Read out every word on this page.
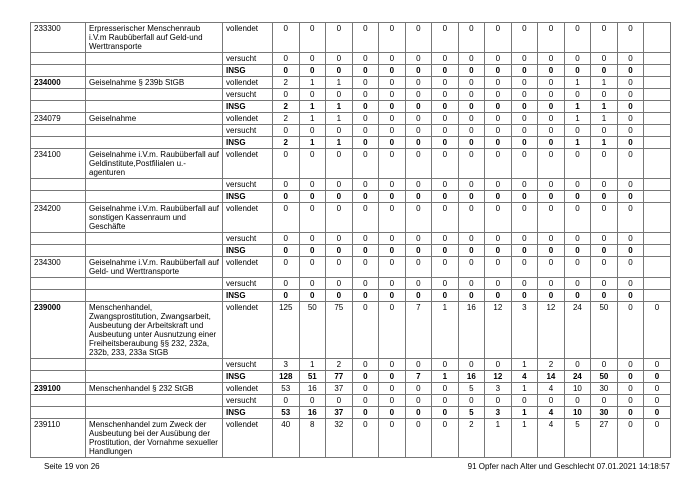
233300	Erpresserischer Menschenraub i.V.m Raubüberfall auf Geld-und Werttransporte	vollendet	0	0	0	0	0	0	0	0	0	0	0	0	0	0	
		versucht	0	0	0	0	0	0	0	0	0	0	0	0	0	0	
		INSG	0	0	0	0	0	0	0	0	0	0	0	0	0	0	
234000	Geiselnahme § 239b StGB	vollendet	2	1	1	0	0	0	0	0	0	0	0	1	1	0	
		versucht	0	0	0	0	0	0	0	0	0	0	0	0	0	0	
		INSG	2	1	1	0	0	0	0	0	0	0	0	1	1	0	
234079	Geiselnahme	vollendet	2	1	1	0	0	0	0	0	0	0	0	1	1	0	
		versucht	0	0	0	0	0	0	0	0	0	0	0	0	0	0	
		INSG	2	1	1	0	0	0	0	0	0	0	0	1	1	0	
234100	Geiselnahme i.V.m. Raubüberfall auf Geldinstitute,Postfilialen u.-agenturen	vollendet	0	0	0	0	0	0	0	0	0	0	0	0	0	0	
		versucht	0	0	0	0	0	0	0	0	0	0	0	0	0	0	
		INSG	0	0	0	0	0	0	0	0	0	0	0	0	0	0	
234200	Geiselnahme i.V.m. Raubüberfall auf sonstigen Kassenraum und Geschäfte	vollendet	0	0	0	0	0	0	0	0	0	0	0	0	0	0	
		versucht	0	0	0	0	0	0	0	0	0	0	0	0	0	0	
		INSG	0	0	0	0	0	0	0	0	0	0	0	0	0	0	
234300	Geiselnahme i.V.m. Raubüberfall auf Geld- und Werttransporte	vollendet	0	0	0	0	0	0	0	0	0	0	0	0	0	0	
		versucht	0	0	0	0	0	0	0	0	0	0	0	0	0	0	
		INSG	0	0	0	0	0	0	0	0	0	0	0	0	0	0	
239000	Menschenhandel, Zwangsprostitution, Zwangsarbeit, Ausbeutung der Arbeitskraft und Ausbeutung unter Ausnutzung einer Freiheitsberaubung §§ 232, 232a, 232b, 233, 233a StGB	vollendet	125	50	75	0	0	7	1	16	12	3	12	24	50	0	0
		versucht	3	1	2	0	0	0	0	0	0	1	2	0	0	0	0
		INSG	128	51	77	0	0	7	1	16	12	4	14	24	50	0	0
239100	Menschenhandel § 232 StGB	vollendet	53	16	37	0	0	0	0	5	3	1	4	10	30	0	0
		versucht	0	0	0	0	0	0	0	0	0	0	0	0	0	0	0
		INSG	53	16	37	0	0	0	0	5	3	1	4	10	30	0	0
239110	Menschenhandel zum Zweck der Ausbeutung bei der Ausübung der Prostitution, der Vornahme sexueller Handlungen	vollendet	40	8	32	0	0	0	0	2	1	1	4	5	27	0	0
Seite 19 von 26	91 Opfer nach Alter und Geschlecht 07.01.2021 14:18:57
